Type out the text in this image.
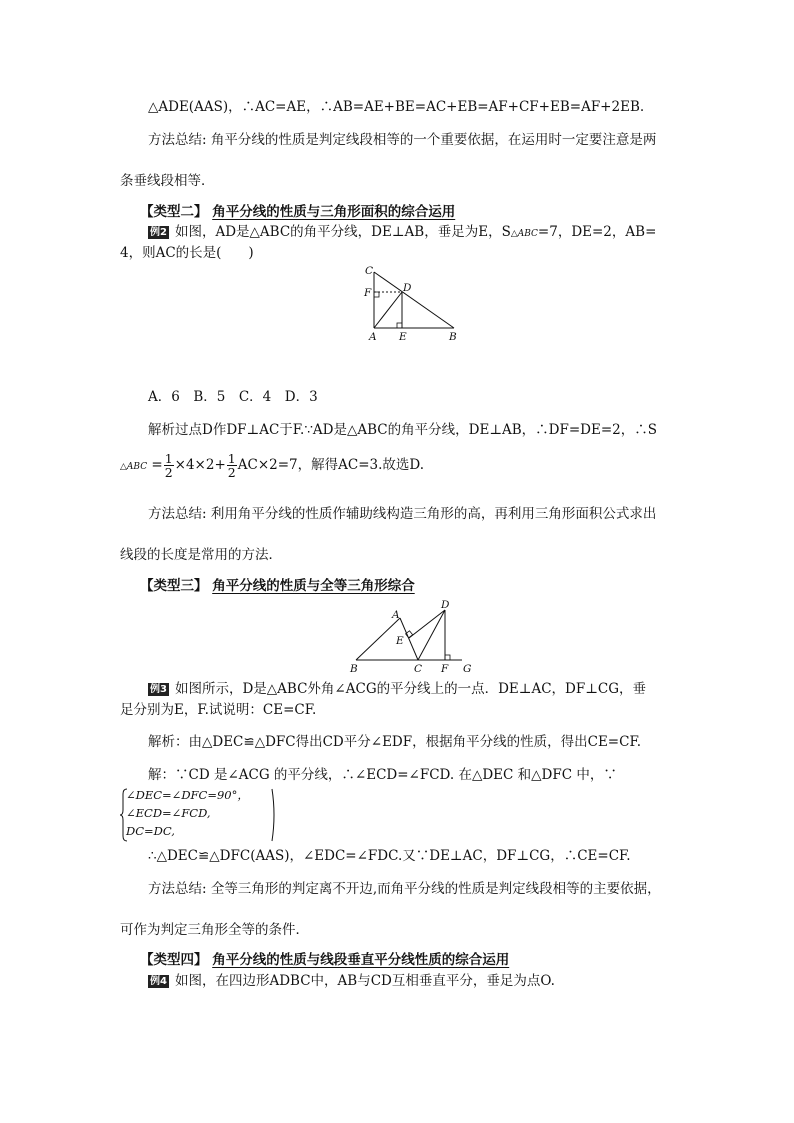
△ADE(AAS)，∴AC=AE，∴AB=AE+BE=AC+EB=AF+CF+EB=AF+2EB.
方法总结: 角平分线的性质是判定线段相等的一个重要依据，在运用时一定要注意是两
条垂线段相等．
【类型二】 角平分线的性质与三角形面积的综合运用
例2 如图，AD是△ABC的角平分线，DE⊥AB，垂足为E，S△ABC=7，DE=2，AB=
4，则AC的长是(　　)
C
F	D
A E	B
A．6　B．5　C．4　D．3
解析过点D作DF⊥AC于F.∵AD是△ABC的角平分线，DE⊥AB，∴DF=DE=2，∴S
△ABC = $\frac{1}{2} \times 4\times 2+ \frac{1}{2} AC\times 2=7$，解得AC=3.故选D.
方法总结: 利用角平分线的性质作辅助线构造三角形的高，再利用三角形面积公式求出
线段的长度是常用的方法．
【类型三】 角平分线的性质与全等三角形综合
A
D
E
B	C F G
例3 如图所示，D是△ABC外角∠ACG的平分线上的一点．DE⊥AC，DF⊥CG，垂
足分别为E，F.试说明：CE=CF.
解析：由△DEC≌△DFC得出CD平分∠EDF，根据角平分线的性质，得出CE=CF.
解：∵CD 是∠ACG 的平分线，∴∠ECD=∠FCD. 在△DEC 和△DFC 中，∵
∠DEC=∠DFC=90°，
∠ECD=∠FCD,
DC=DC,
∴△DEC≌△DFC(AAS)，∠EDC=∠FDC.又∵DE⊥AC，DF⊥CG，∴CE=CF.
方法总结: 全等三角形的判定离不开边,而角平分线的性质是判定线段相等的主要依据，
可作为判定三角形全等的条件．
【类型四】 角平分线的性质与线段垂直平分线性质的综合运用
例4 如图，在四边形ADBC中，AB与CD互相垂直平分，垂足为点O.
